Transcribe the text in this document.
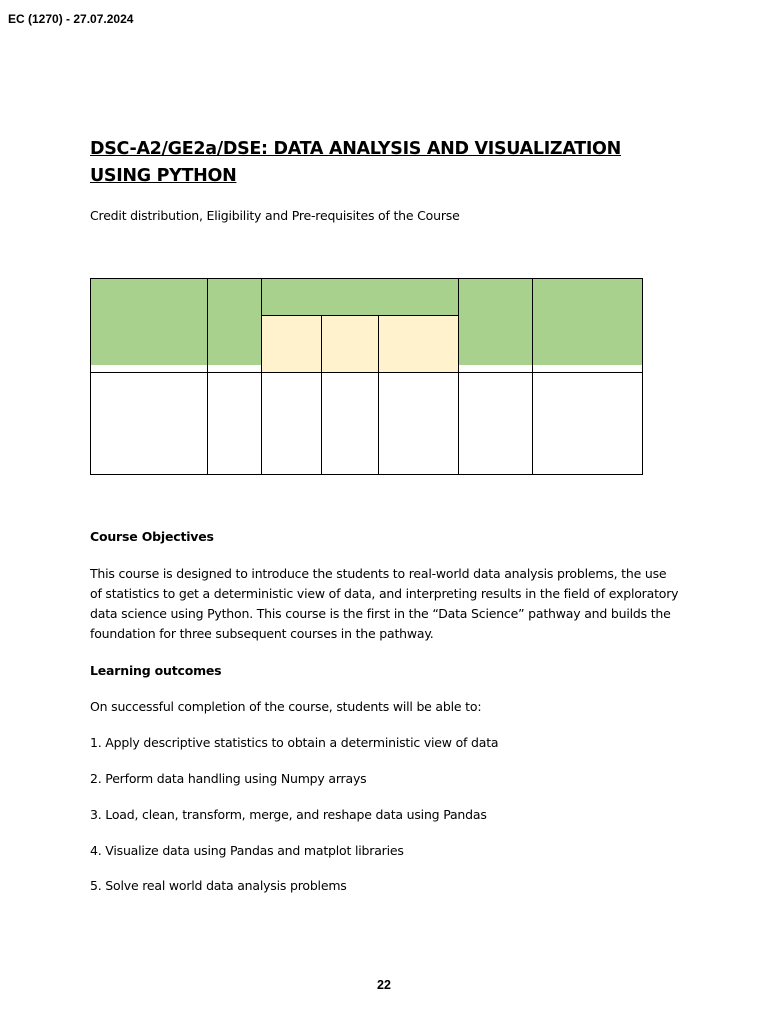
EC (1270) - 27.07.2024
DSC-A2/GE2a/DSE: DATA ANALYSIS AND VISUALIZATION USING PYTHON

Credit distribution, Eligibility and Pre-requisites of the Course

Course Objectives

This course is designed to introduce the students to real-world data analysis problems, the use of statistics to get a deterministic view of data, and interpreting results in the field of exploratory data science using Python. This course is the first in the “Data Science” pathway and builds the foundation for three subsequent courses in the pathway.

Learning outcomes

On successful completion of the course, students will be able to:

1. Apply descriptive statistics to obtain a deterministic view of data

2. Perform data handling using Numpy arrays

3. Load, clean, transform, merge, and reshape data using Pandas

4. Visualize data using Pandas and matplot libraries

5. Solve real world data analysis problems

22
